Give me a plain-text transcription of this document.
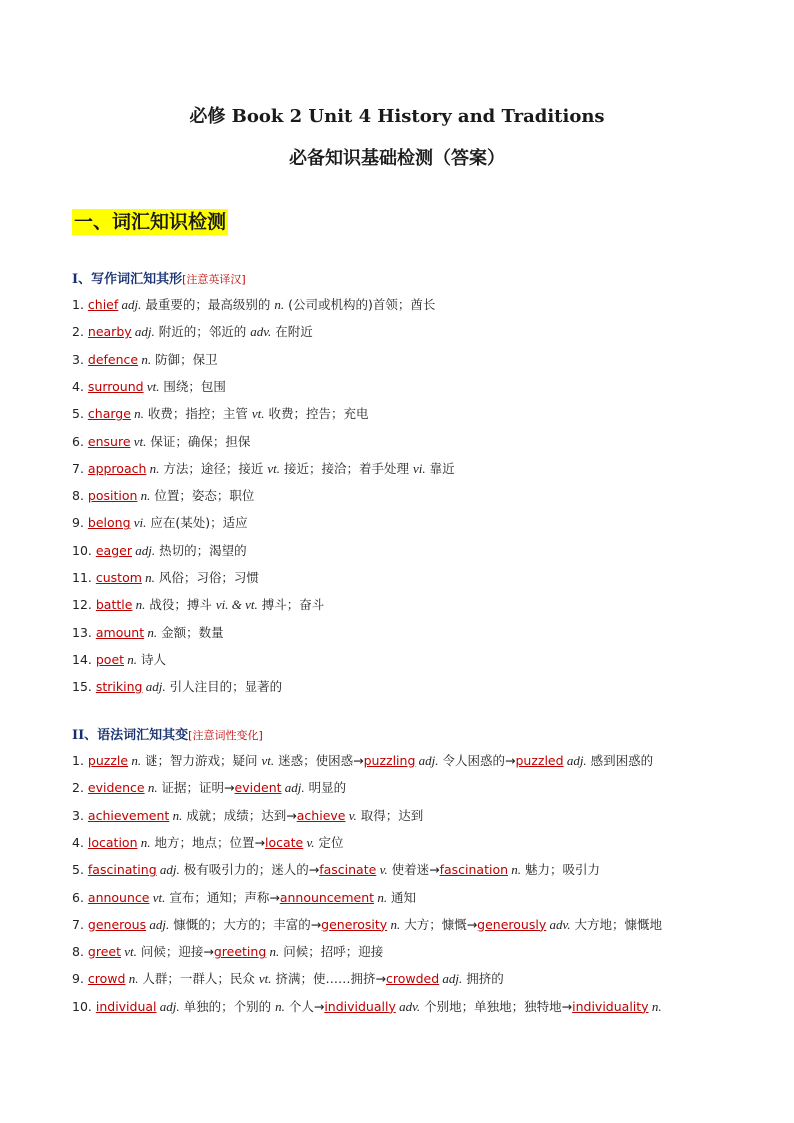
必修 Book 2 Unit 4 History and Traditions
必备知识基础检测（答案）
一、词汇知识检测
I、写作词汇知其形[注意英译汉]
1. chief adj. 最重要的；最高级别的 n. (公司或机构的)首领；酋长
2. nearby adj. 附近的；邻近的 adv. 在附近
3. defence n. 防御；保卫
4. surround vt. 围绕；包围
5. charge n. 收费；指控；主管 vt. 收费；控告；充电
6. ensure vt. 保证；确保；担保
7. approach n. 方法；途径；接近 vt. 接近；接洽；着手处理 vi. 靠近
8. position n. 位置；姿态；职位
9. belong vi. 应在(某处)；适应
10. eager adj. 热切的；渴望的
11. custom n. 风俗；习俗；习惯
12. battle n. 战役；搏斗 vi. & vt. 搏斗；奋斗
13. amount n. 金额；数量
14. poet n. 诗人
15. striking adj. 引人注目的；显著的
II、语法词汇知其变[注意词性变化]
1. puzzle n. 谜；智力游戏；疑问 vt. 迷惑；使困惑→puzzling adj. 令人困惑的→puzzled adj. 感到困惑的
2. evidence n. 证据；证明→evident adj. 明显的
3. achievement n. 成就；成绩；达到→achieve v. 取得；达到
4. location n. 地方；地点；位置→locate v. 定位
5. fascinating adj. 极有吸引力的；迷人的→fascinate v. 使着迷→fascination n. 魅力；吸引力
6. announce vt. 宣布；通知；声称→announcement n. 通知
7. generous adj. 慷慨的；大方的；丰富的→generosity n. 大方；慷慨→generously adv. 大方地；慷慨地
8. greet vt. 问候；迎接→greeting n. 问候；招呼；迎接
9. crowd n. 人群；一群人；民众 vt. 挤满；使……拥挤→crowded adj. 拥挤的
10. individual adj. 单独的；个别的 n. 个人→individually adv. 个别地；单独地；独特地→individuality n.
